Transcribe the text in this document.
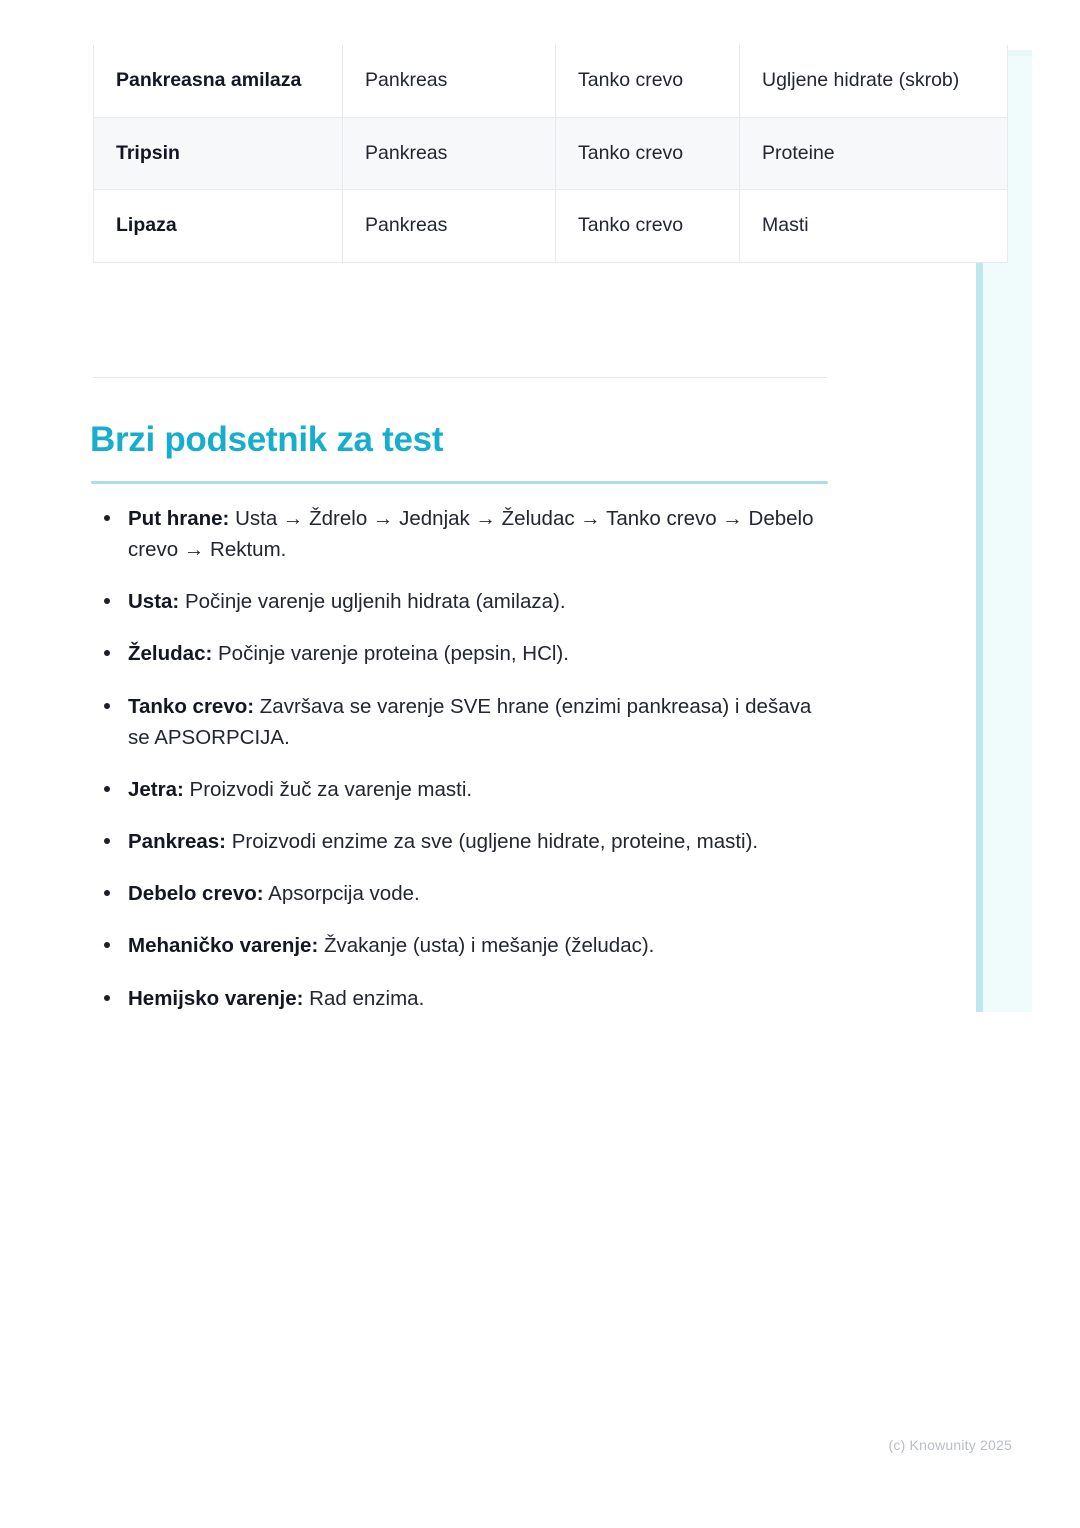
Pankreasna amilaza	Pankreas	Tanko crevo	Ugljene hidrate (skrob)

Tripsin	Pankreas	Tanko crevo	Proteine

Lipaza	Pankreas	Tanko crevo	Masti
Brzi podsetnik za test
Put hrane: Usta → Ždrelo → Jednjak → Želudac → Tanko crevo → Debelo crevo → Rektum.
Usta: Počinje varenje ugljenih hidrata (amilaza).
Želudac: Počinje varenje proteina (pepsin, HCl).
Tanko crevo: Završava se varenje SVE hrane (enzimi pankreasa) i dešava se APSORPCIJA.
Jetra: Proizvodi žuč za varenje masti.
Pankreas: Proizvodi enzime za sve (ugljene hidrate, proteine, masti).
Debelo crevo: Apsorpcija vode.
Mehaničko varenje: Žvakanje (usta) i mešanje (želudac).
Hemijsko varenje: Rad enzima.
(c) Knowunity 2025
